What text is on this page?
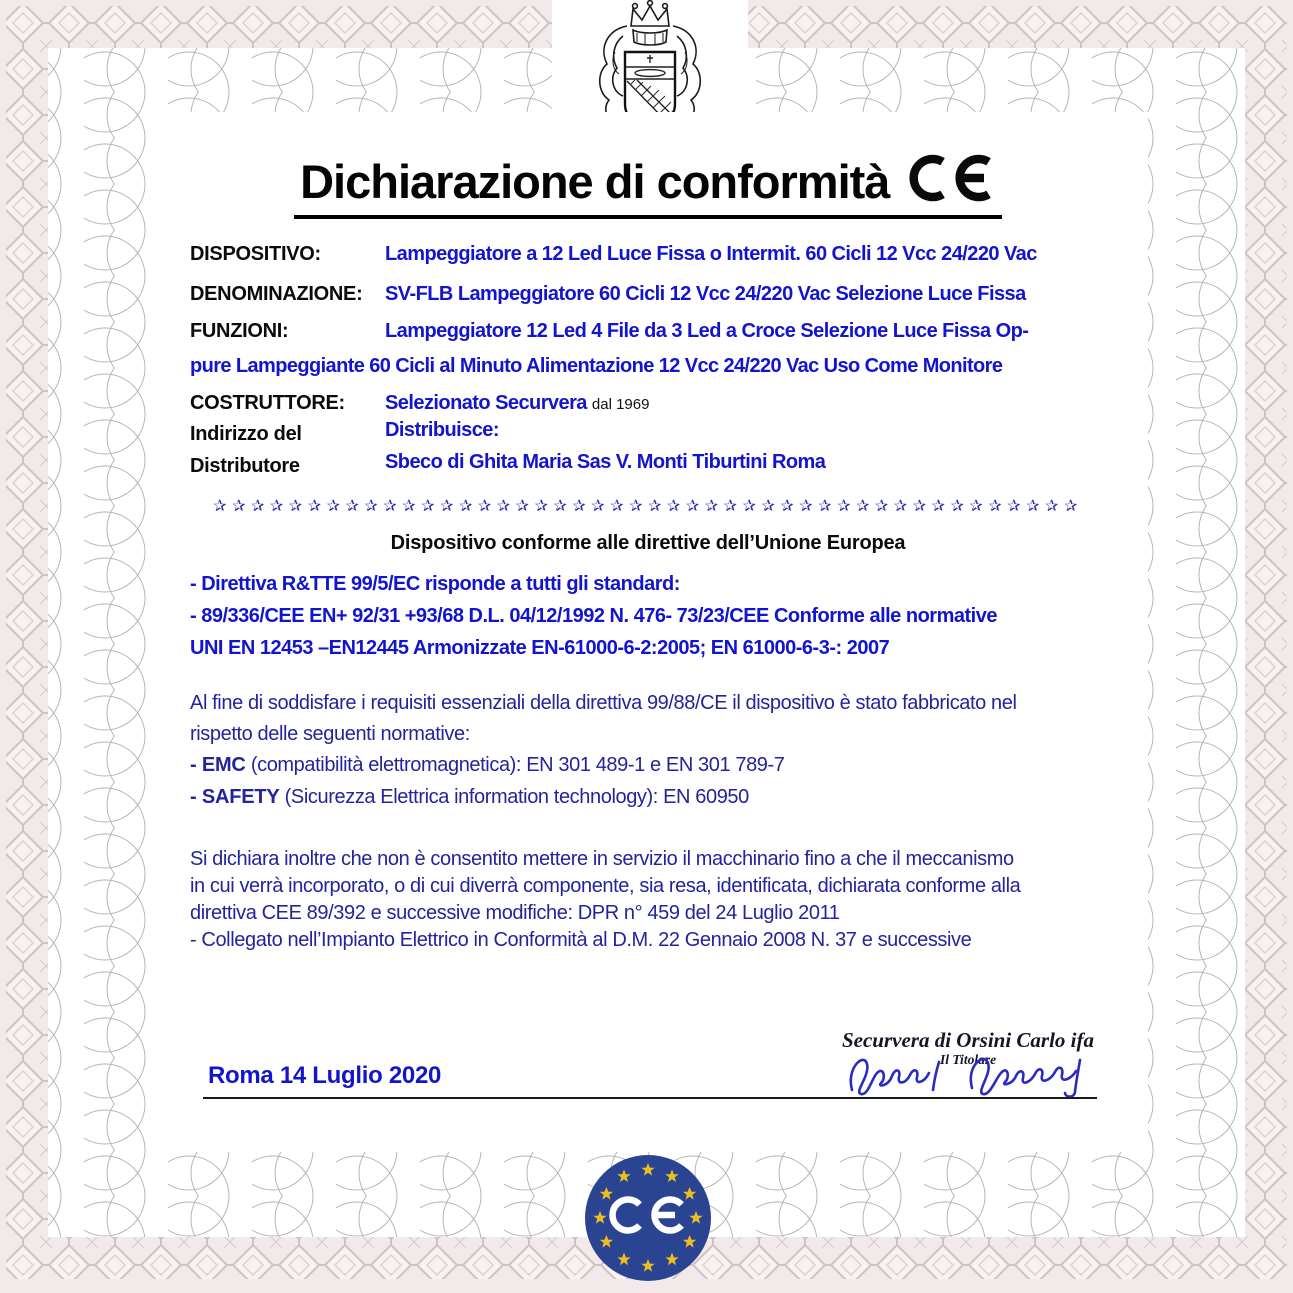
Dichiarazione di conformità
DISPOSITIVO:	Lampeggiatore a 12 Led Luce Fissa o Intermit. 60 Cicli 12 Vcc 24/220 Vac
DENOMINAZIONE:	SV-FLB Lampeggiatore 60 Cicli 12 Vcc 24/220 Vac Selezione Luce Fissa
FUNZIONI:	Lampeggiatore 12 Led 4 File da 3 Led a Croce Selezione Luce Fissa Op-
pure Lampeggiante 60 Cicli al Minuto Alimentazione 12 Vcc 24/220 Vac Uso Come Monitore
COSTRUTTORE:	Selezionato Securvera dal 1969
Indirizzo del	Distribuisce:
Distributore	Sbeco di Ghita Maria Sas V. Monti Tiburtini Roma
✰✰✰✰✰✰✰✰✰✰✰✰✰✰✰✰✰✰✰✰✰✰✰✰✰✰✰✰✰✰✰✰✰✰✰✰✰✰✰✰✰✰✰✰✰✰
Dispositivo conforme alle direttive dell’Unione Europea
- Direttiva R&TTE 99/5/EC risponde a tutti gli standard:
- 89/336/CEE EN+ 92/31 +93/68 D.L. 04/12/1992 N. 476- 73/23/CEE Conforme alle normative
UNI EN 12453 –EN12445 Armonizzate EN-61000-6-2:2005; EN 61000-6-3-: 2007
Al fine di soddisfare i requisiti essenziali della direttiva 99/88/CE il dispositivo è stato fabbricato nel
rispetto delle seguenti normative:
- EMC (compatibilità elettromagnetica): EN 301 489-1 e EN 301 789-7
- SAFETY (Sicurezza Elettrica information technology): EN 60950
Si dichiara inoltre che non è consentito mettere in servizio il macchinario fino a che il meccanismo
in cui verrà incorporato, o di cui diverrà componente, sia resa, identificata, dichiarata conforme alla
direttiva CEE 89/392 e successive modifiche: DPR n° 459 del 24 Luglio 2011
- Collegato nell’Impianto Elettrico in Conformità al D.M. 22 Gennaio 2008 N. 37 e successive
Roma 14 Luglio 2020
Securvera di Orsini Carlo ifa
Il Titolare
